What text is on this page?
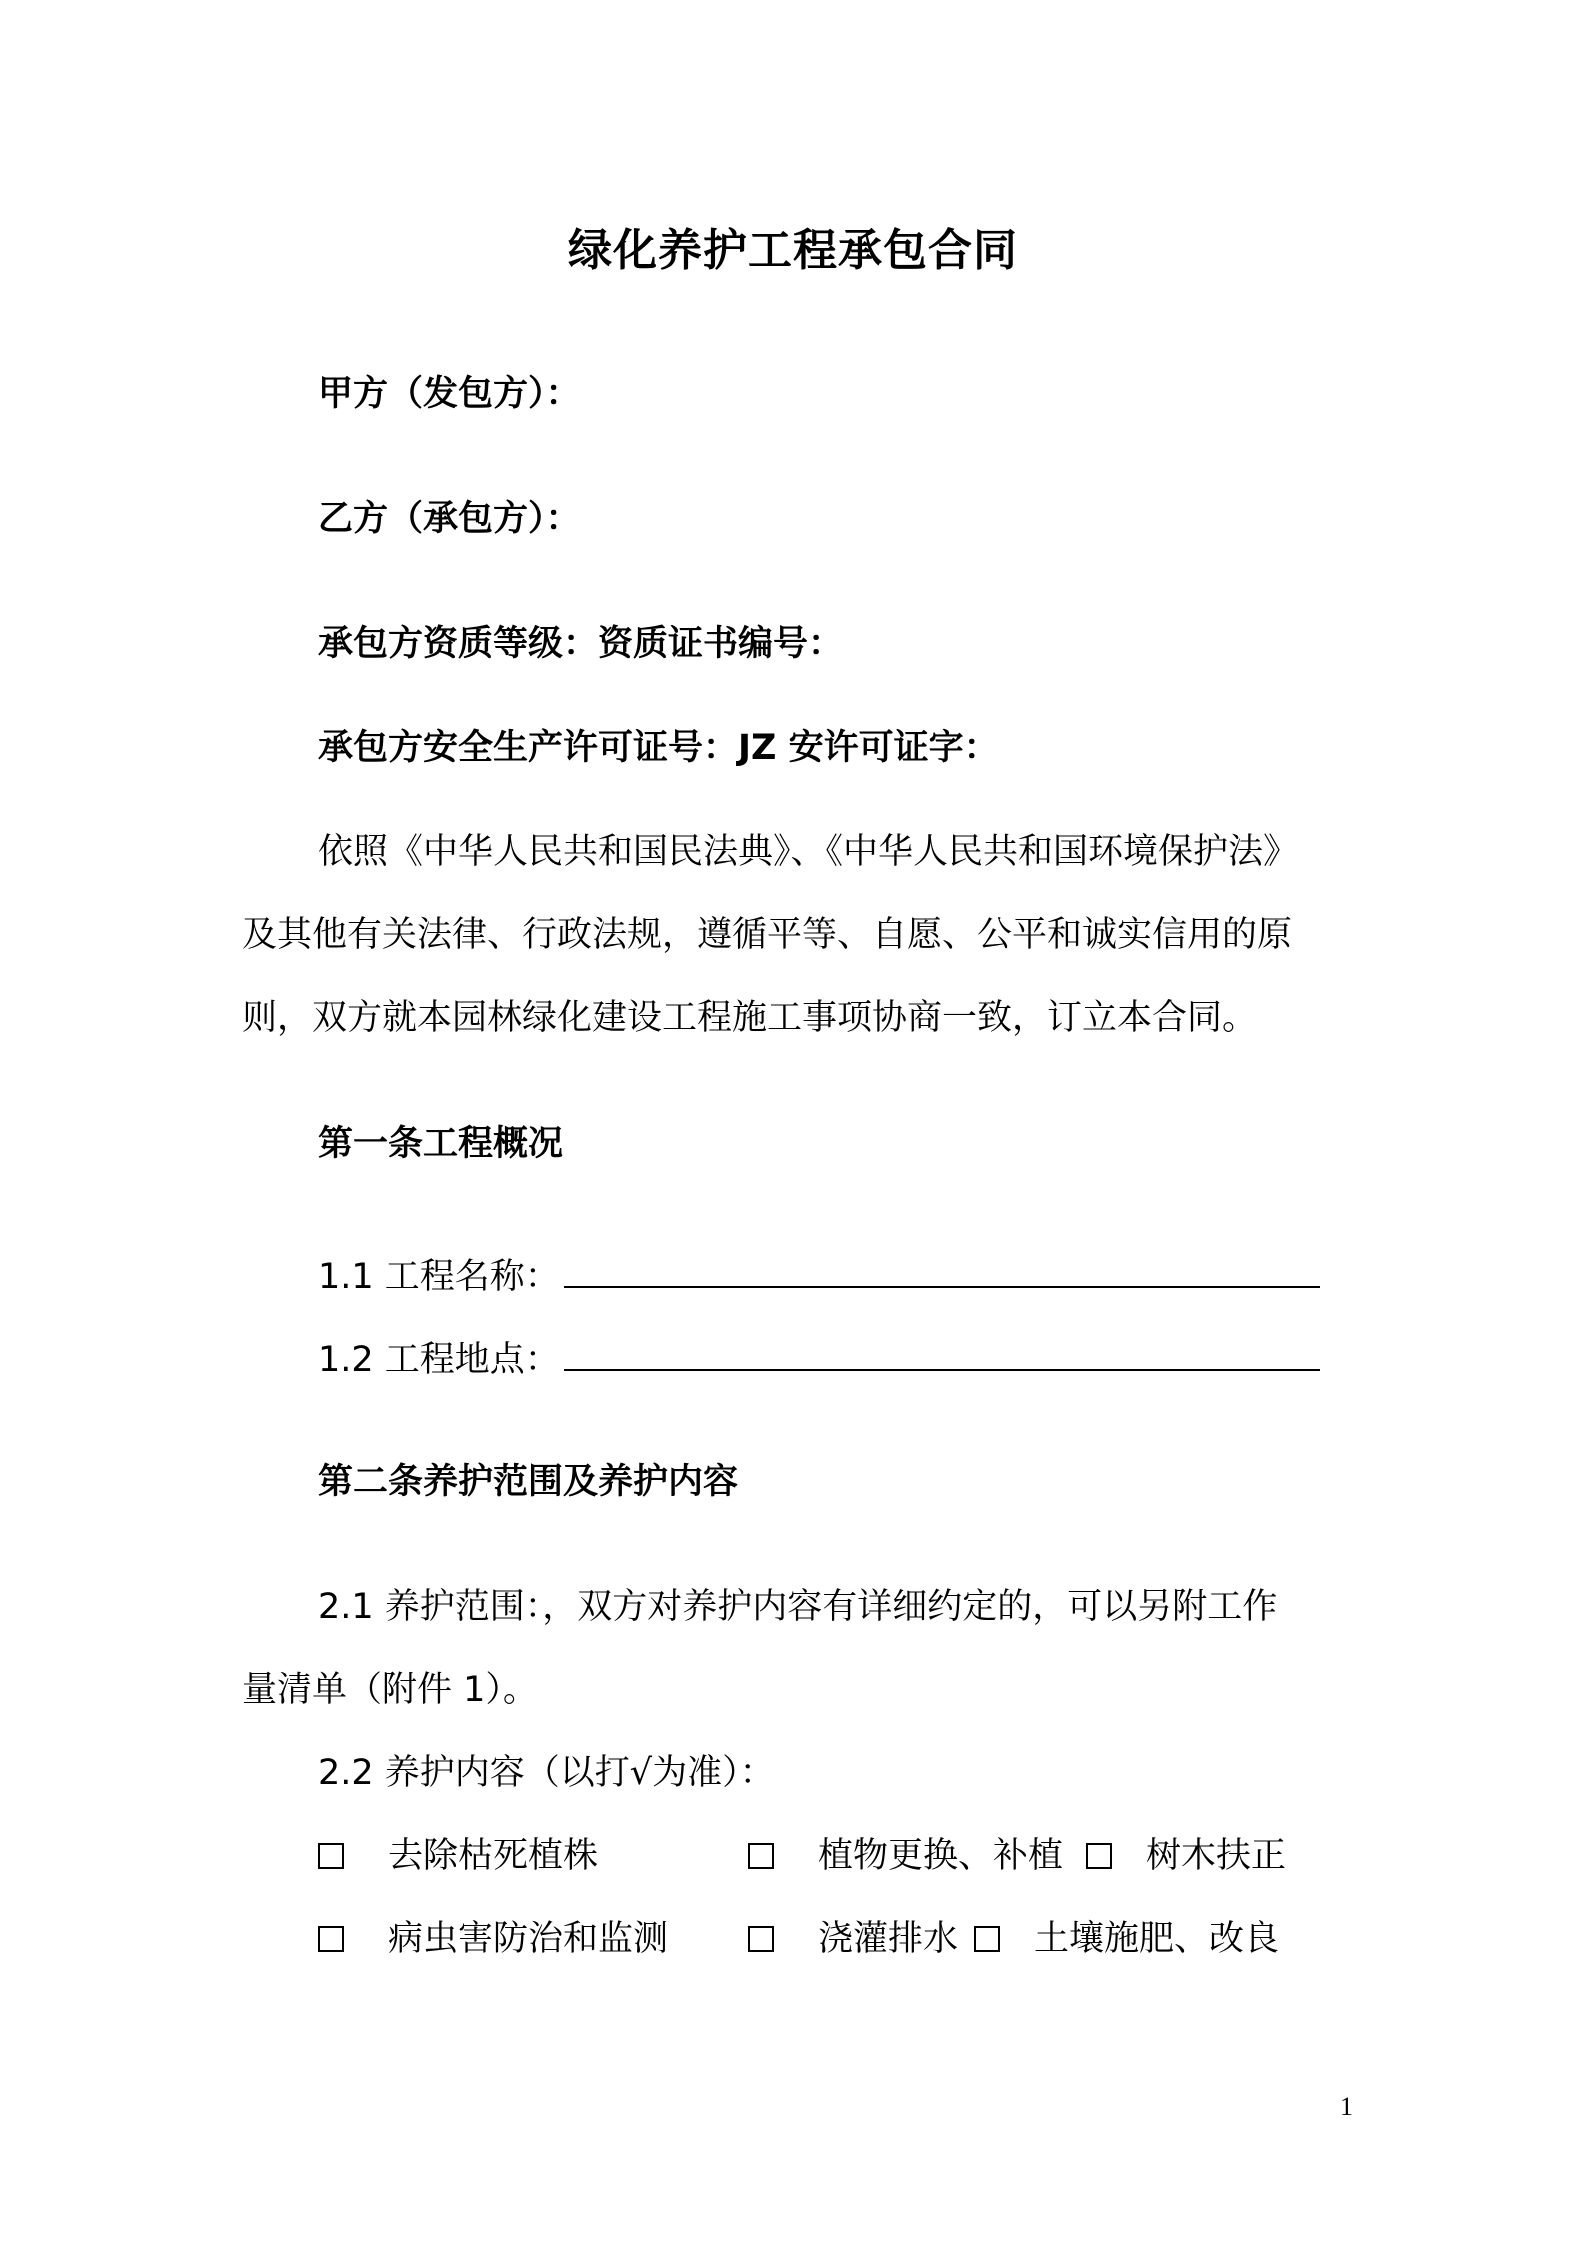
绿化养护工程承包合同
甲方（发包方）：
乙方（承包方）：
承包方资质等级：资质证书编号：
承包方安全生产许可证号：JZ 安许可证字：
依照《中华人民共和国民法典》、《中华人民共和国环境保护法》
及其他有关法律、行政法规，遵循平等、自愿、公平和诚实信用的原
则，双方就本园林绿化建设工程施工事项协商一致，订立本合同。
第一条工程概况
1.1 工程名称：
1.2 工程地点：
第二条养护范围及养护内容
2.1 养护范围：，双方对养护内容有详细约定的，可以另附工作
量清单（附件 1）。
2.2 养护内容（以打√为准）：
去除枯死植株	植物更换、补植 树木扶正
病虫害防治和监测	浇灌排水 土壤施肥、改良
1
